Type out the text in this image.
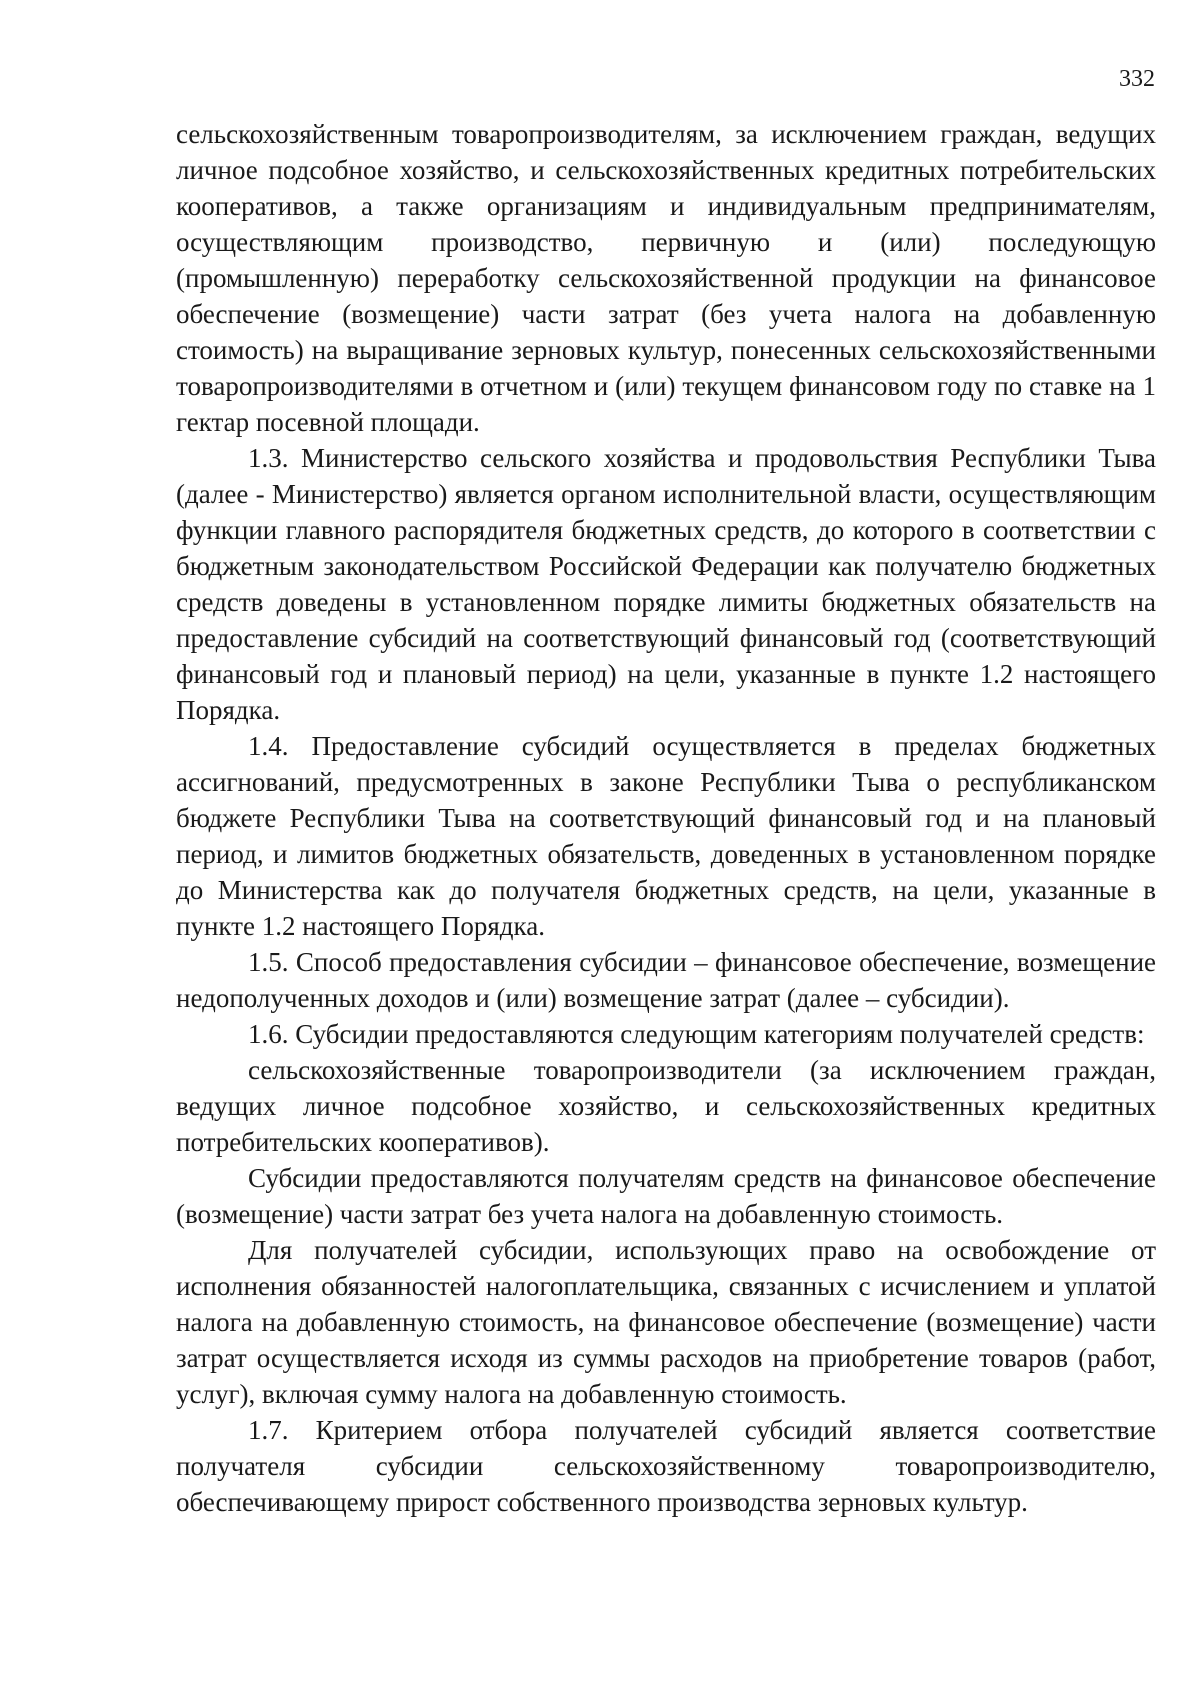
332

сельскохозяйственным товаропроизводителям, за исключением граждан, ведущих личное подсобное хозяйство, и сельскохозяйственных кредитных потребительских кооперативов, а также организациям и индивидуальным предпринимателям, осуществляющим производство, первичную и (или) последующую (промышленную) переработку сельскохозяйственной продукции на финансовое обеспечение (возмещение) части затрат (без учета налога на добавленную стоимость) на выращивание зерновых культур, понесенных сельскохозяйственными товаропроизводителями в отчетном и (или) текущем финансовом году по ставке на 1 гектар посевной площади.

1.3. Министерство сельского хозяйства и продовольствия Республики Тыва (далее - Министерство) является органом исполнительной власти, осуществляющим функции главного распорядителя бюджетных средств, до которого в соответствии с бюджетным законодательством Российской Федерации как получателю бюджетных средств доведены в установленном порядке лимиты бюджетных обязательств на предоставление субсидий на соответствующий финансовый год (соответствующий финансовый год и плановый период) на цели, указанные в пункте 1.2 настоящего Порядка.

1.4. Предоставление субсидий осуществляется в пределах бюджетных ассигнований, предусмотренных в законе Республики Тыва о республиканском бюджете Республики Тыва на соответствующий финансовый год и на плановый период, и лимитов бюджетных обязательств, доведенных в установленном порядке до Министерства как до получателя бюджетных средств, на цели, указанные в пункте 1.2 настоящего Порядка.

1.5. Способ предоставления субсидии – финансовое обеспечение, возмещение недополученных доходов и (или) возмещение затрат (далее – субсидии).

1.6. Субсидии предоставляются следующим категориям получателей средств:

сельскохозяйственные товаропроизводители (за исключением граждан, ведущих личное подсобное хозяйство, и сельскохозяйственных кредитных потребительских кооперативов).

Субсидии предоставляются получателям средств на финансовое обеспечение (возмещение) части затрат без учета налога на добавленную стоимость.

Для получателей субсидии, использующих право на освобождение от исполнения обязанностей налогоплательщика, связанных с исчислением и уплатой налога на добавленную стоимость, на финансовое обеспечение (возмещение) части затрат осуществляется исходя из суммы расходов на приобретение товаров (работ, услуг), включая сумму налога на добавленную стоимость.

1.7. Критерием отбора получателей субсидий является соответствие получателя субсидии сельскохозяйственному товаропроизводителю, обеспечивающему прирост собственного производства зерновых культур.
